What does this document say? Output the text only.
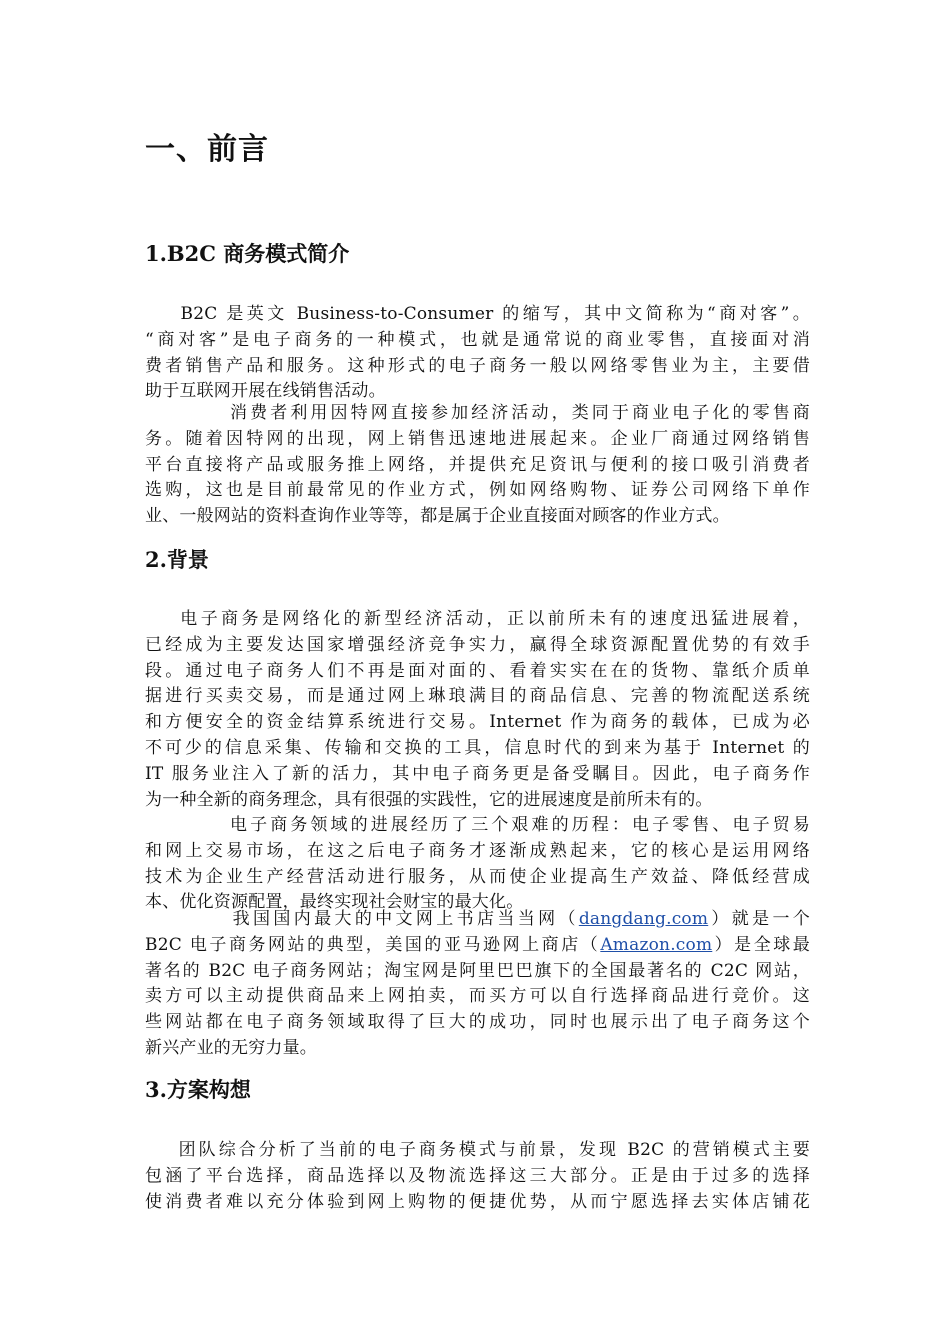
一、前言
1.B2C 商务模式简介
B2C 是英文 Business-to-Consumer 的缩写，其中文简称为“商对客”。
“商对客”是电子商务的一种模式，也就是通常说的商业零售，直接面对消
费者销售产品和服务。这种形式的电子商务一般以网络零售业为主，主要借
助于互联网开展在线销售活动。
消费者利用因特网直接参加经济活动，类同于商业电子化的零售商
务。随着因特网的出现，网上销售迅速地进展起来。企业厂商通过网络销售
平台直接将产品或服务推上网络，并提供充足资讯与便利的接口吸引消费者
选购，这也是目前最常见的作业方式，例如网络购物、证券公司网络下单作
业、一般网站的资料查询作业等等，都是属于企业直接面对顾客的作业方式。
2.背景
电子商务是网络化的新型经济活动，正以前所未有的速度迅猛进展着，
已经成为主要发达国家增强经济竞争实力，赢得全球资源配置优势的有效手
段。通过电子商务人们不再是面对面的、看着实实在在的货物、靠纸介质单
据进行买卖交易，而是通过网上琳琅满目的商品信息、完善的物流配送系统
和方便安全的资金结算系统进行交易。Internet 作为商务的载体，已成为必
不可少的信息采集、传输和交换的工具，信息时代的到来为基于 Internet 的
IT 服务业注入了新的活力，其中电子商务更是备受瞩目。因此，电子商务作
为一种全新的商务理念，具有很强的实践性，它的进展速度是前所未有的。
电子商务领域的进展经历了三个艰难的历程：电子零售、电子贸易
和网上交易市场，在这之后电子商务才逐渐成熟起来，它的核心是运用网络
技术为企业生产经营活动进行服务，从而使企业提高生产效益、降低经营成
本、优化资源配置，最终实现社会财宝的最大化。
我国国内最大的中文网上书店当当网（dangdang.com）就是一个
B2C 电子商务网站的典型，美国的亚马逊网上商店（Amazon.com）是全球最
著名的 B2C 电子商务网站；淘宝网是阿里巴巴旗下的全国最著名的 C2C 网站，
卖方可以主动提供商品来上网拍卖，而买方可以自行选择商品进行竞价。这
些网站都在电子商务领域取得了巨大的成功，同时也展示出了电子商务这个
新兴产业的无穷力量。
3.方案构想
团队综合分析了当前的电子商务模式与前景，发现 B2C 的营销模式主要
包涵了平台选择，商品选择以及物流选择这三大部分。正是由于过多的选择
使消费者难以充分体验到网上购物的便捷优势，从而宁愿选择去实体店铺花
